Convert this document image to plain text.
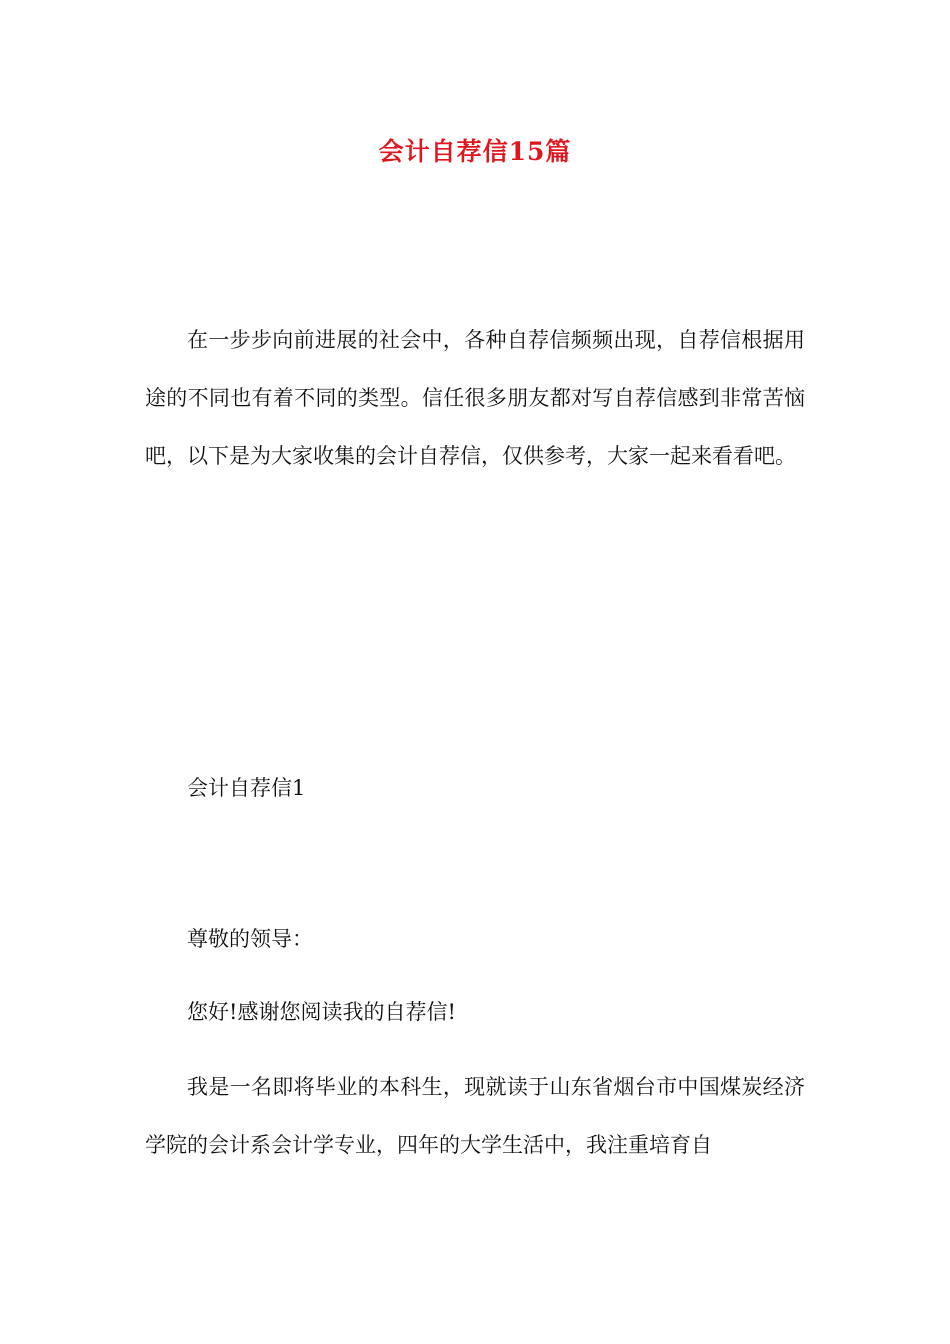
会计自荐信15篇

在一步步向前进展的社会中，各种自荐信频频出现，自荐信根据用途的不同也有着不同的类型。信任很多朋友都对写自荐信感到非常苦恼吧，以下是为大家收集的会计自荐信，仅供参考，大家一起来看看吧。

会计自荐信1

尊敬的领导：

您好!感谢您阅读我的自荐信!

我是一名即将毕业的本科生，现就读于山东省烟台市中国煤炭经济学院的会计系会计学专业，四年的大学生活中，我注重培育自
